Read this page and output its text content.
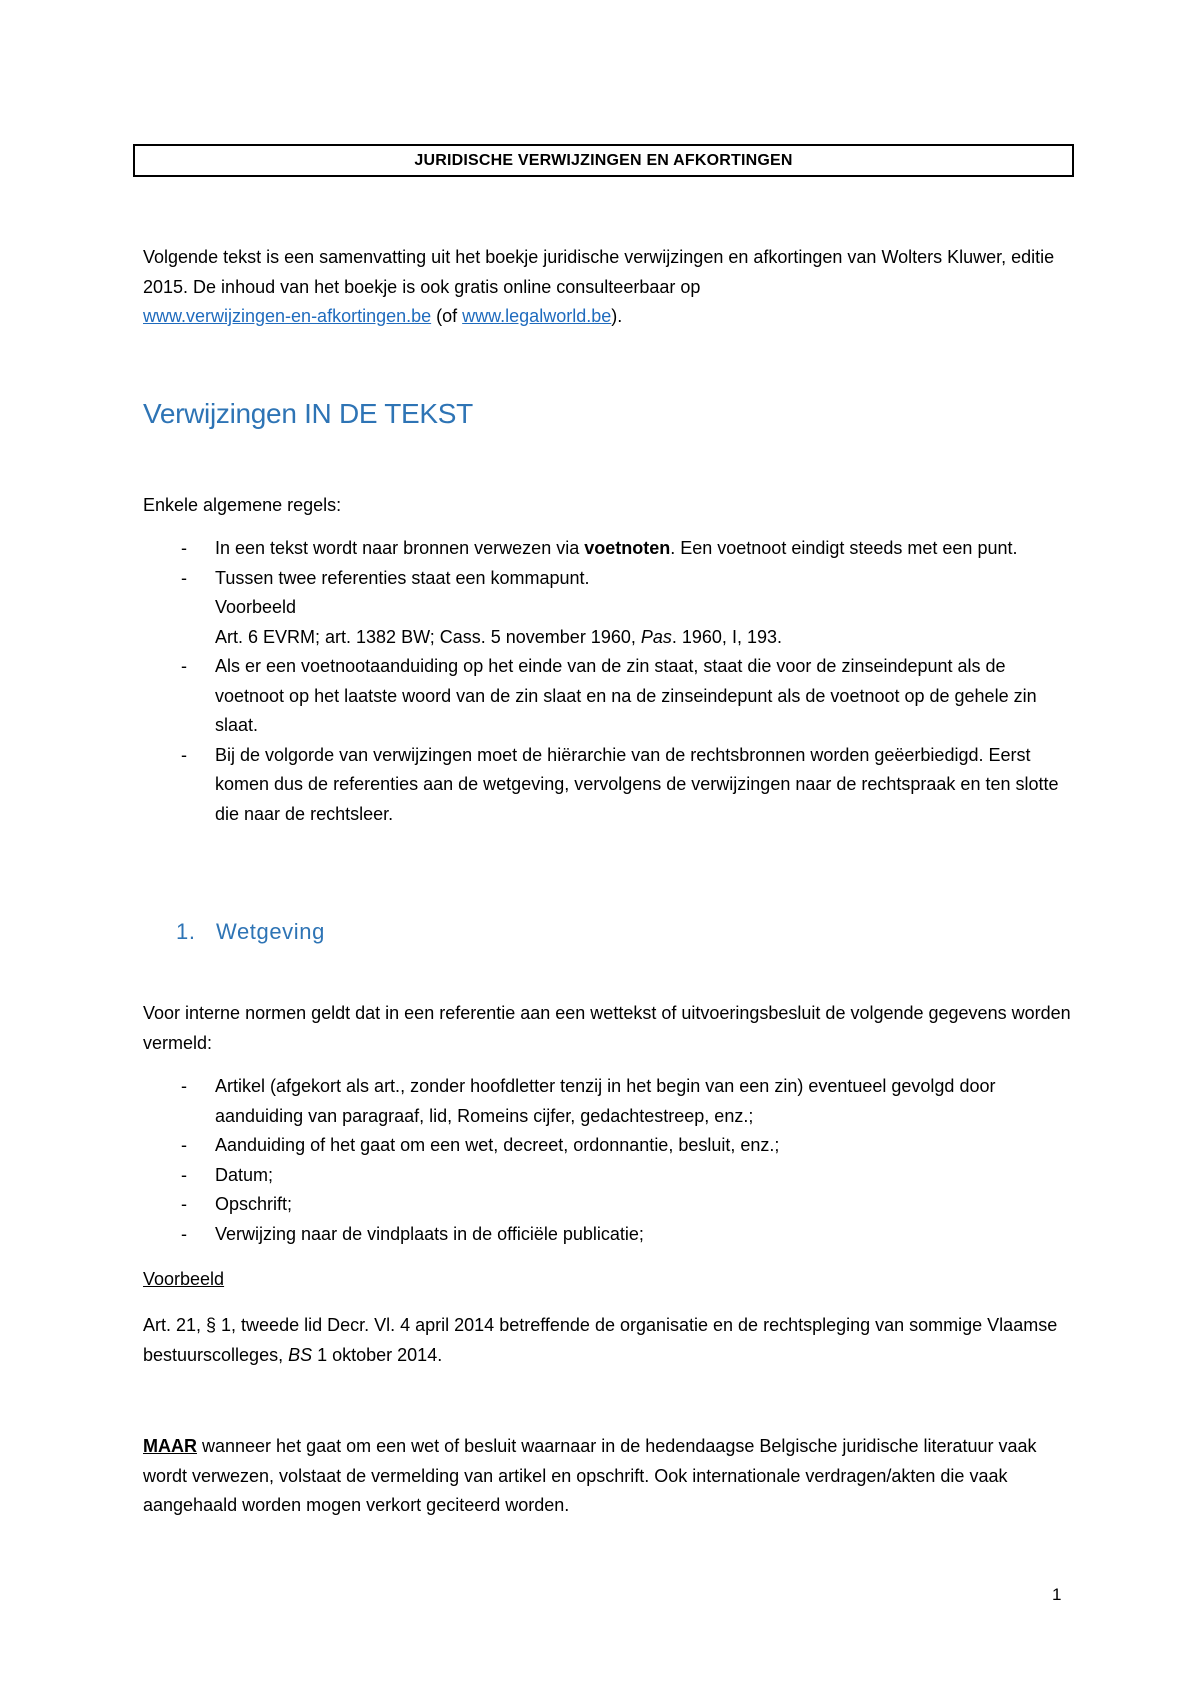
JURIDISCHE VERWIJZINGEN EN AFKORTINGEN
Volgende tekst is een samenvatting uit het boekje juridische verwijzingen en afkortingen van Wolters Kluwer, editie 2015. De inhoud van het boekje is ook gratis online consulteerbaar op
www.verwijzingen-en-afkortingen.be (of www.legalworld.be).
Verwijzingen IN DE TEKST
Enkele algemene regels:
- In een tekst wordt naar bronnen verwezen via voetnoten. Een voetnoot eindigt steeds met een punt.
- Tussen twee referenties staat een kommapunt.
Voorbeeld
Art. 6 EVRM; art. 1382 BW; Cass. 5 november 1960, Pas. 1960, I, 193.
- Als er een voetnootaanduiding op het einde van de zin staat, staat die voor de zinseindepunt als de voetnoot op het laatste woord van de zin slaat en na de zinseindepunt als de voetnoot op de gehele zin slaat.
- Bij de volgorde van verwijzingen moet de hiërarchie van de rechtsbronnen worden geëerbiedigd. Eerst komen dus de referenties aan de wetgeving, vervolgens de verwijzingen naar de rechtspraak en ten slotte die naar de rechtsleer.
1. Wetgeving
Voor interne normen geldt dat in een referentie aan een wettekst of uitvoeringsbesluit de volgende gegevens worden vermeld:
- Artikel (afgekort als art., zonder hoofdletter tenzij in het begin van een zin) eventueel gevolgd door aanduiding van paragraaf, lid, Romeins cijfer, gedachtestreep, enz.;
- Aanduiding of het gaat om een wet, decreet, ordonnantie, besluit, enz.;
- Datum;
- Opschrift;
- Verwijzing naar de vindplaats in de officiële publicatie;
Voorbeeld
Art. 21, § 1, tweede lid Decr. Vl. 4 april 2014 betreffende de organisatie en de rechtspleging van sommige Vlaamse bestuurscolleges, BS 1 oktober 2014.
MAAR wanneer het gaat om een wet of besluit waarnaar in de hedendaagse Belgische juridische literatuur vaak wordt verwezen, volstaat de vermelding van artikel en opschrift. Ook internationale verdragen/akten die vaak aangehaald worden mogen verkort geciteerd worden.
1
